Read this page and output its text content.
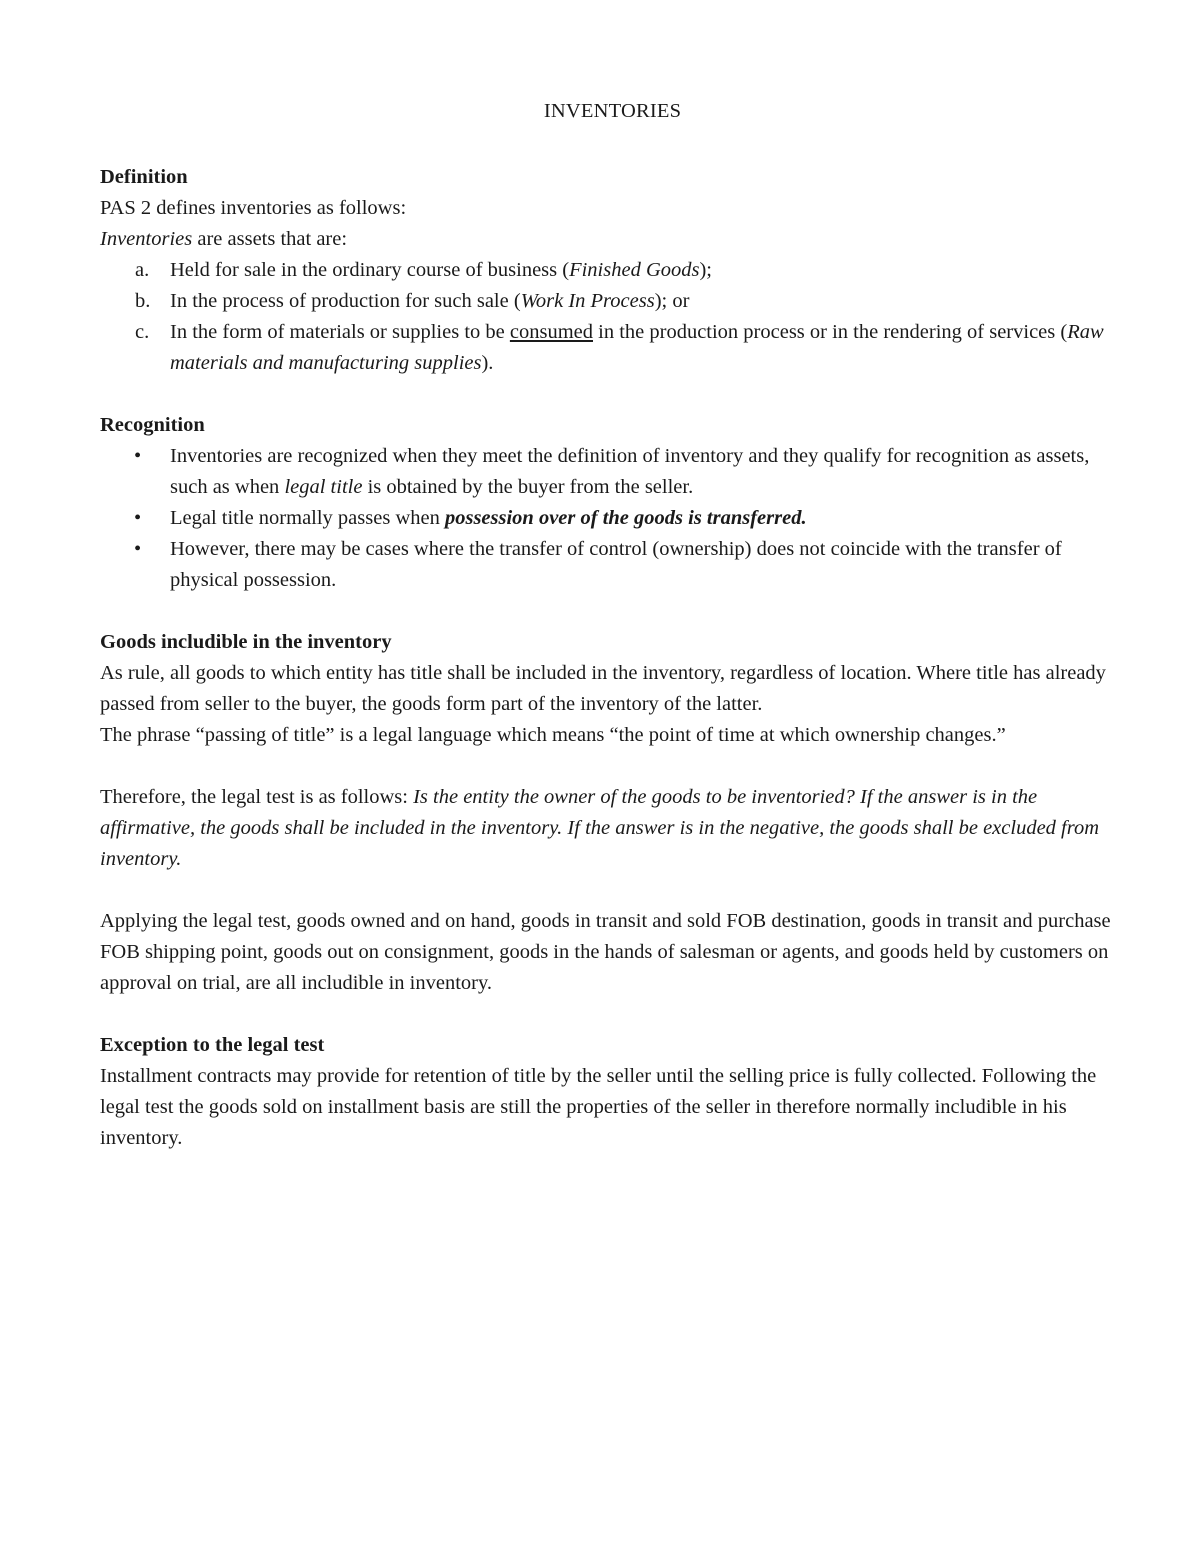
INVENTORIES

Definition

PAS 2 defines inventories as follows:

Inventories are assets that are:

a. Held for sale in the ordinary course of business (Finished Goods);
b. In the process of production for such sale (Work In Process); or
c. In the form of materials or supplies to be consumed in the production process or in the rendering of services (Raw materials and manufacturing supplies).

Recognition

• Inventories are recognized when they meet the definition of inventory and they qualify for recognition as assets, such as when legal title is obtained by the buyer from the seller.
• Legal title normally passes when possession over of the goods is transferred.
• However, there may be cases where the transfer of control (ownership) does not coincide with the transfer of physical possession.

Goods includible in the inventory

As rule, all goods to which entity has title shall be included in the inventory, regardless of location. Where title has already passed from seller to the buyer, the goods form part of the inventory of the latter.

The phrase “passing of title” is a legal language which means “the point of time at which ownership changes.”

Therefore, the legal test is as follows: Is the entity the owner of the goods to be inventoried? If the answer is in the affirmative, the goods shall be included in the inventory. If the answer is in the negative, the goods shall be excluded from inventory.

Applying the legal test, goods owned and on hand, goods in transit and sold FOB destination, goods in transit and purchase FOB shipping point, goods out on consignment, goods in the hands of salesman or agents, and goods held by customers on approval on trial, are all includible in inventory.

Exception to the legal test

Installment contracts may provide for retention of title by the seller until the selling price is fully collected. Following the legal test the goods sold on installment basis are still the properties of the seller in therefore normally includible in his inventory.
